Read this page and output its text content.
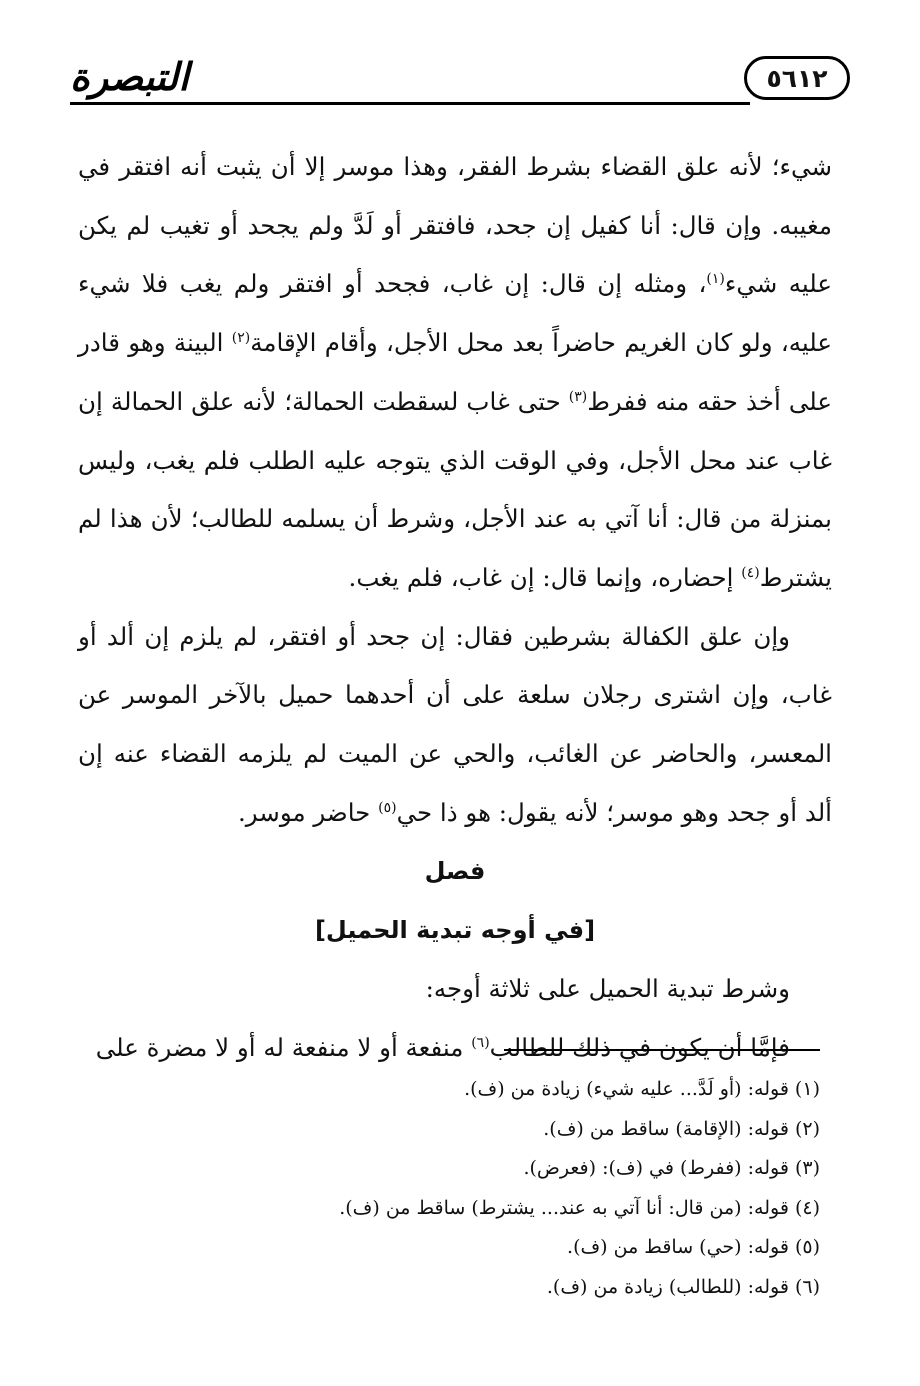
التبصرة	٥٦١٢

شيء؛ لأنه علق القضاء بشرط الفقر، وهذا موسر إلا أن يثبت أنه افتقر في مغيبه. وإن قال: أنا كفيل إن جحد، فافتقر أو لَدَّ ولم يجحد أو تغيب لم يكن عليه شيء$^{(١)}$، ومثله إن قال: إن غاب، فجحد أو افتقر ولم يغب فلا شيء عليه، ولو كان الغريم حاضراً بعد محل الأجل، وأقام الإقامة$^{(٢)}$ البينة وهو قادر على أخذ حقه منه ففرط$^{(٣)}$ حتى غاب لسقطت الحمالة؛ لأنه علق الحمالة إن غاب عند محل الأجل، وفي الوقت الذي يتوجه عليه الطلب فلم يغب، وليس بمنزلة من قال: أنا آتي به عند الأجل، وشرط أن يسلمه للطالب؛ لأن هذا لم يشترط$^{(٤)}$ إحضاره، وإنما قال: إن غاب، فلم يغب.

وإن علق الكفالة بشرطين فقال: إن جحد أو افتقر، لم يلزم إن ألد أو غاب، وإن اشترى رجلان سلعة على أن أحدهما حميل بالآخر الموسر عن المعسر، والحاضر عن الغائب، والحي عن الميت لم يلزمه القضاء عنه إن ألد أو جحد وهو موسر؛ لأنه يقول: هو ذا حي$^{(٥)}$ حاضر موسر.

فصل

[في أوجه تبدية الحميل]

وشرط تبدية الحميل على ثلاثة أوجه:

فإمَّا أن يكون في ذلك للطالب$^{(٦)}$ منفعة أو لا منفعة له أو لا مضرة على

(١) قوله: (أو لَدَّ... عليه شيء) زيادة من (ف).

(٢) قوله: (الإقامة) ساقط من (ف).

(٣) قوله: (ففرط) في (ف): (فعرض).

(٤) قوله: (من قال: أنا آتي به عند... يشترط) ساقط من (ف).

(٥) قوله: (حي) ساقط من (ف).

(٦) قوله: (للطالب) زيادة من (ف).
